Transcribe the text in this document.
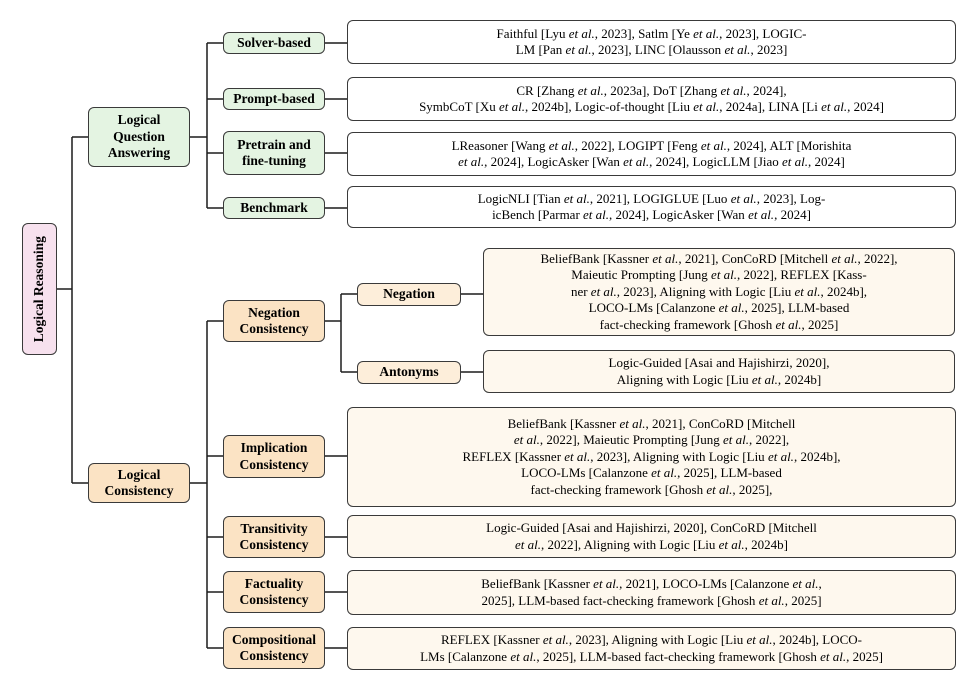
Logical Reasoning
Logical Question Answering
Logical Consistency
Solver-based
Prompt-based
Pretrain and fine-tuning
Benchmark
Faithful [Lyu et al., 2023], Satlm [Ye et al., 2023], LOGIC-
LM [Pan et al., 2023], LINC [Olausson et al., 2023]
CR [Zhang et al., 2023a], DoT [Zhang et al., 2024],
SymbCoT [Xu et al., 2024b], Logic-of-thought [Liu et al., 2024a], LINA [Li et al., 2024]
LReasoner [Wang et al., 2022], LOGIPT [Feng et al., 2024], ALT [Morishita
et al., 2024], LogicAsker [Wan et al., 2024], LogicLLM [Jiao et al., 2024]
LogicNLI [Tian et al., 2021], LOGIGLUE [Luo et al., 2023], Log-
icBench [Parmar et al., 2024], LogicAsker [Wan et al., 2024]
Negation Consistency
Implication Consistency
Transitivity Consistency
Factuality Consistency
Compositional Consistency
Negation
Antonyms
BeliefBank [Kassner et al., 2021], ConCoRD [Mitchell et al., 2022],
Maieutic Prompting [Jung et al., 2022], REFLEX [Kass-
ner et al., 2023], Aligning with Logic [Liu et al., 2024b],
LOCO-LMs [Calanzone et al., 2025], LLM-based
fact-checking framework [Ghosh et al., 2025]
Logic-Guided [Asai and Hajishirzi, 2020],
Aligning with Logic [Liu et al., 2024b]
BeliefBank [Kassner et al., 2021], ConCoRD [Mitchell
et al., 2022], Maieutic Prompting [Jung et al., 2022],
REFLEX [Kassner et al., 2023], Aligning with Logic [Liu et al., 2024b],
LOCO-LMs [Calanzone et al., 2025], LLM-based
fact-checking framework [Ghosh et al., 2025],
Logic-Guided [Asai and Hajishirzi, 2020], ConCoRD [Mitchell
et al., 2022], Aligning with Logic [Liu et al., 2024b]
BeliefBank [Kassner et al., 2021], LOCO-LMs [Calanzone et al.,
2025], LLM-based fact-checking framework [Ghosh et al., 2025]
REFLEX [Kassner et al., 2023], Aligning with Logic [Liu et al., 2024b], LOCO-
LMs [Calanzone et al., 2025], LLM-based fact-checking framework [Ghosh et al., 2025]
